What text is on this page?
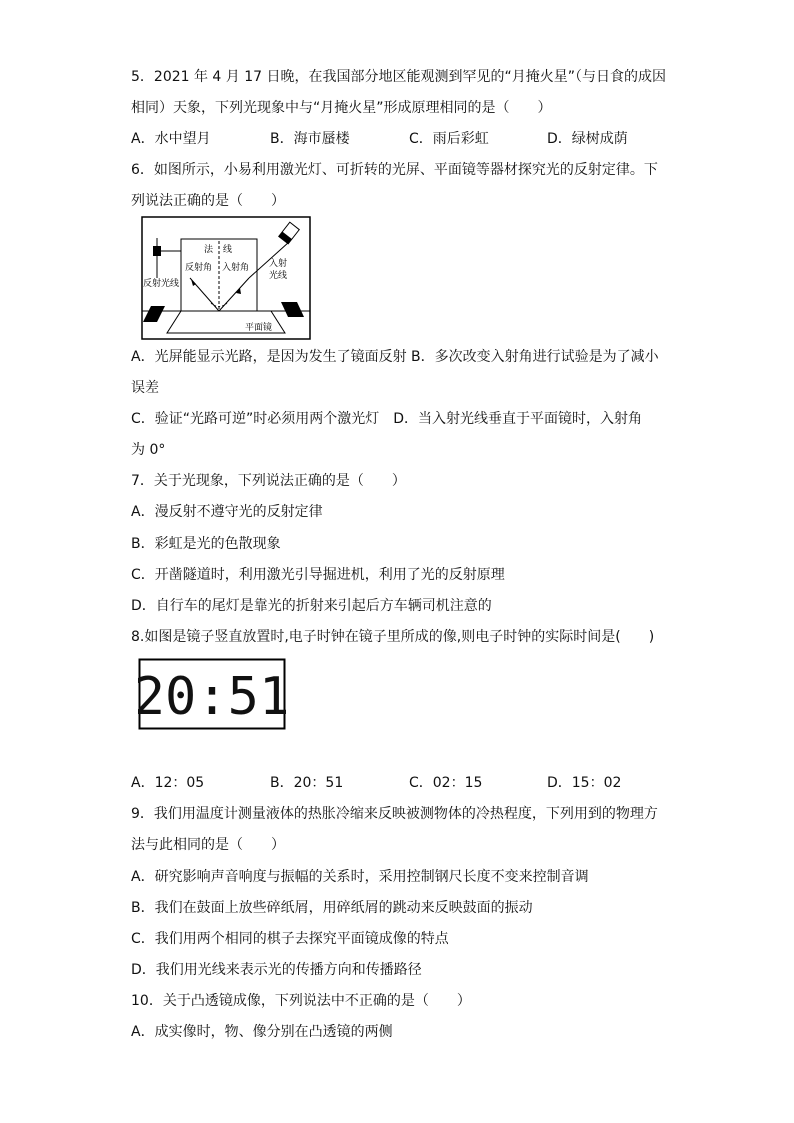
5．2021 年 4 月 17 日晚，在我国部分地区能观测到罕见的“月掩火星”（与日食的成因
相同）天象，下列光现象中与“月掩火星”形成原理相同的是（　　）
A．水中望月	B．海市蜃楼	C．雨后彩虹	D．绿树成荫
6．如图所示，小易利用激光灯、可折转的光屏、平面镜等器材探究光的反射定律。下
列说法正确的是（　　）
法 线
反射角 入射角 入射
光线
反射光线
平面镜
A．光屏能显示光路，是因为发生了镜面反射 B．多次改变入射角进行试验是为了减小
误差
C．验证“光路可逆”时必须用两个激光灯　D．当入射光线垂直于平面镜时，入射角
为 0°
7．关于光现象，下列说法正确的是（　　）
A．漫反射不遵守光的反射定律
B．彩虹是光的色散现象
C．开凿隧道时，利用激光引导掘进机，利用了光的反射原理
D．自行车的尾灯是靠光的折射来引起后方车辆司机注意的
8.如图是镜子竖直放置时,电子时钟在镜子里所成的像,则电子时钟的实际时间是(　　)
20:51
A．12：05	B．20：51	C．02：15	D．15：02
9．我们用温度计测量液体的热胀冷缩来反映被测物体的冷热程度，下列用到的物理方
法与此相同的是（　　）
A．研究影响声音响度与振幅的关系时，采用控制钢尺长度不变来控制音调
B．我们在鼓面上放些碎纸屑，用碎纸屑的跳动来反映鼓面的振动
C．我们用两个相同的棋子去探究平面镜成像的特点
D．我们用光线来表示光的传播方向和传播路径
10．关于凸透镜成像，下列说法中不正确的是（　　）
A．成实像时，物、像分别在凸透镜的两侧
